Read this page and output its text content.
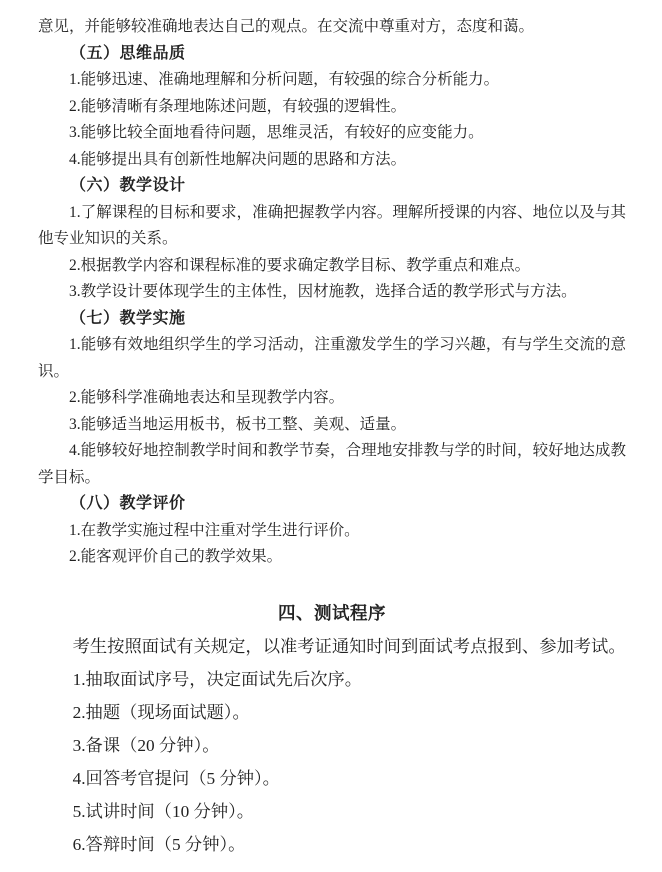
意见，并能够较准确地表达自己的观点。在交流中尊重对方，态度和蔼。

（五）思维品质

1.能够迅速、准确地理解和分析问题，有较强的综合分析能力。

2.能够清晰有条理地陈述问题，有较强的逻辑性。

3.能够比较全面地看待问题，思维灵活，有较好的应变能力。

4.能够提出具有创新性地解决问题的思路和方法。

（六）教学设计

1.了解课程的目标和要求，准确把握教学内容。理解所授课的内容、地位以及与其他专业知识的关系。

2.根据教学内容和课程标准的要求确定教学目标、教学重点和难点。

3.教学设计要体现学生的主体性，因材施教，选择合适的教学形式与方法。

（七）教学实施

1.能够有效地组织学生的学习活动，注重激发学生的学习兴趣，有与学生交流的意识。

2.能够科学准确地表达和呈现教学内容。

3.能够适当地运用板书，板书工整、美观、适量。

4.能够较好地控制教学时间和教学节奏，合理地安排教与学的时间，较好地达成教学目标。

（八）教学评价

1.在教学实施过程中注重对学生进行评价。

2.能客观评价自己的教学效果。

四、测试程序

考生按照面试有关规定，以准考证通知时间到面试考点报到、参加考试。

1.抽取面试序号，决定面试先后次序。

2.抽题（现场面试题）。

3.备课（20 分钟）。

4.回答考官提问（5 分钟）。

5.试讲时间（10 分钟）。

6.答辩时间（5 分钟）。
